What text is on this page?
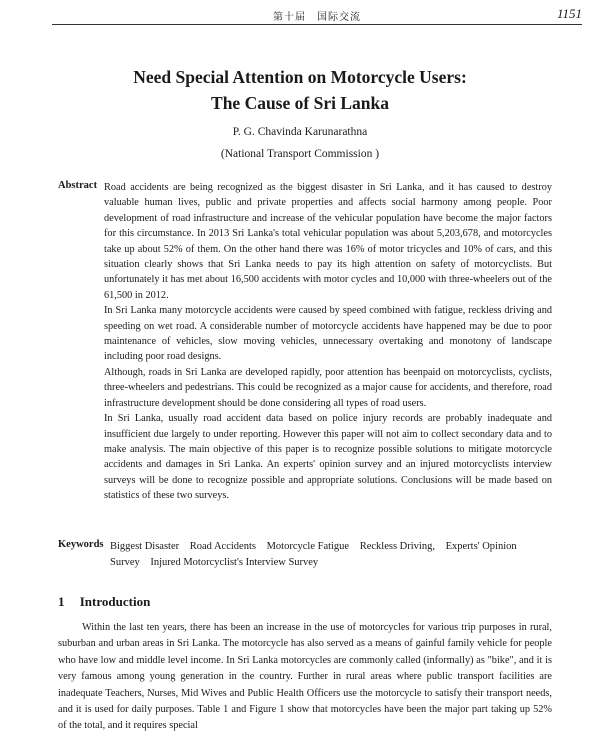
第十届　国际交流	1151
Need Special Attention on Motorcycle Users:
The Cause of Sri Lanka
P. G. Chavinda Karunarathna
(National Transport Commission )
Abstract Road accidents are being recognized as the biggest disaster in Sri Lanka, and it has caused to destroy valuable human lives, public and private properties and affects social harmony among people. Poor development of road infrastructure and increase of the vehicular population have become the major factors for this circumstance. In 2013 Sri Lanka's total vehicular population was about 5,203,678, and motorcycles take up about 52% of them. On the other hand there was 16% of motor tricycles and 10% of cars, and this situation clearly shows that Sri Lanka needs to pay its high attention on safety of motorcyclists. But unfortunately it has met about 16,500 accidents with motor cycles and 10,000 with three-wheelers out of the 61,500 in 2012.

In Sri Lanka many motorcycle accidents were caused by speed combined with fatigue, reckless driving and speeding on wet road. A considerable number of motorcycle accidents have happened may be due to poor maintenance of vehicles, slow moving vehicles, unnecessary overtaking and monotony of landscape including poor road designs.

Although, roads in Sri Lanka are developed rapidly, poor attention has beenpaid on motorcyclists, cyclists, three-wheelers and pedestrians. This could be recognized as a major cause for accidents, and therefore, road infrastructure development should be done considering all types of road users.

In Sri Lanka, usually road accident data based on police injury records are probably inadequate and insufficient due largely to under reporting. However this paper will not aim to collect secondary data and to make analysis. The main objective of this paper is to recognize possible solutions to mitigate motorcycle accidents and damages in Sri Lanka. An experts' opinion survey and an injured motorcyclists interview surveys will be done to recognize possible and appropriate solutions. Conclusions will be made based on statistics of these two surveys.

Keywords Biggest Disaster Road Accidents Motorcycle Fatigue Reckless Driving, Experts' Opinion Survey Injured Motorcyclist's Interview Survey
1 Introduction

Within the last ten years, there has been an increase in the use of motorcycles for various trip purposes in rural, suburban and urban areas in Sri Lanka. The motorcycle has also served as a means of gainful family vehicle for people who have low and middle level income. In Sri Lanka motorcycles are commonly called (informally) as "bike", and it is very famous among young generation in the country. Further in rural areas where public transport facilities are inadequate Teachers, Nurses, Mid Wives and Public Health Officers use the motorcycle to satisfy their transport needs, and it is used for daily purposes. Table 1 and Figure 1 show that motorcycles have been the major part taking up 52% of the total, and it requires special
